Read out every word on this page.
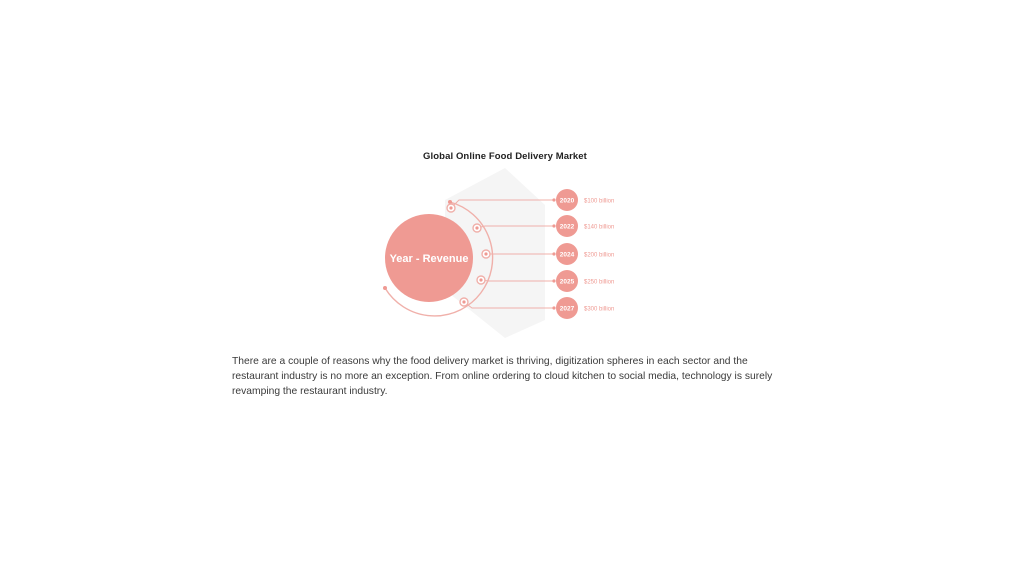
Global Online Food Delivery Market
Year - Revenue
2020 $100 billion
2022 $140 billion
2024 $200 billion
2025 $250 billion
2027 $300 billion
There are a couple of reasons why the food delivery market is thriving, digitization spheres in each sector and the restaurant industry is no more an exception. From online ordering to cloud kitchen to social media, technology is surely revamping the restaurant industry.
